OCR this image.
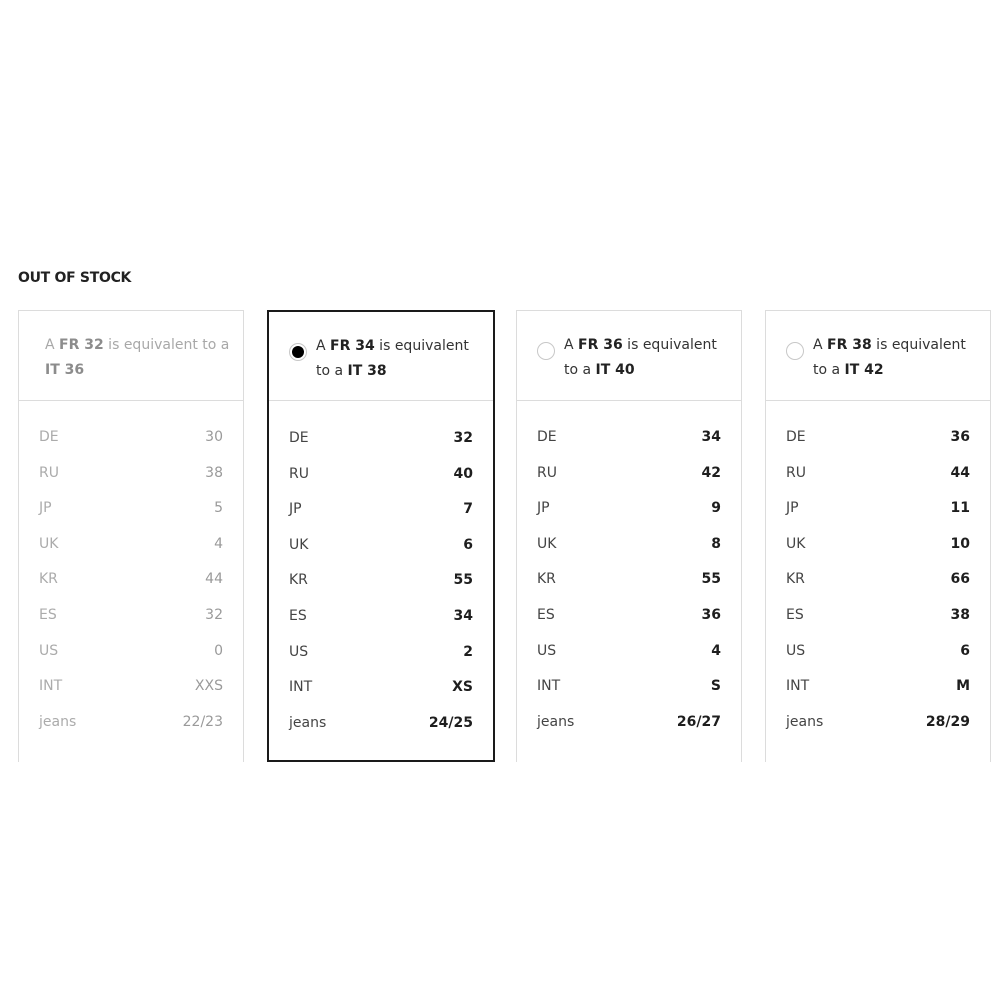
OUT OF STOCK
A FR 32 is equivalent to a IT 36
DE	30
RU	38
JP	5
UK	4
KR	44
ES	32
US	0
INT	XXS
jeans	22/23
A FR 34 is equivalent to a IT 38
DE	32
RU	40
JP	7
UK	6
KR	55
ES	34
US	2
INT	XS
jeans	24/25
A FR 36 is equivalent to a IT 40
DE	34
RU	42
JP	9
UK	8
KR	55
ES	36
US	4
INT	S
jeans	26/27
A FR 38 is equivalent to a IT 42
DE	36
RU	44
JP	11
UK	10
KR	66
ES	38
US	6
INT	M
jeans	28/29
